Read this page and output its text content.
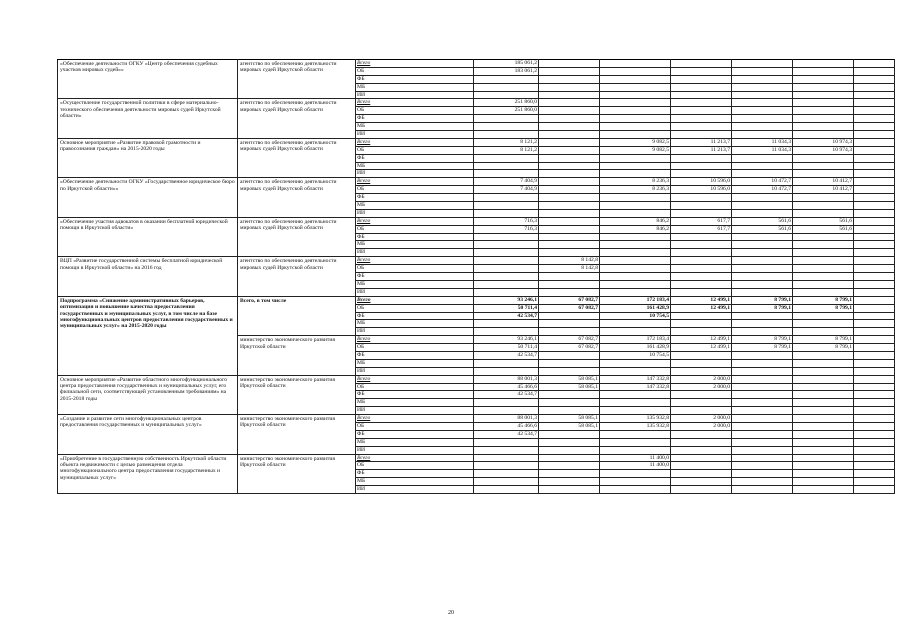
«Обеспечение деятельности ОГКУ «Центр обеспечения судебных участков мировых судей»»	агентство по обеспечению деятельности мировых судей Иркутской области	Всего	185 061,2						
		ОБ	183 061,2						
		ФБ							
		МБ							
		ИИ							
«Осуществление государственной политики в сфере материально-технического обеспечения деятельности мировых судей Иркутской области»	агентство по обеспечению деятельности мировых судей Иркутской области	Всего	251 860,0						
		ОБ	251 860,0						
		ФБ							
		МБ							
		ИИ							
Основное мероприятие «Развитие правовой грамотности и правосознания граждан» на 2015-2020 годы	агентство по обеспечению деятельности мировых судей Иркутской области	Всего	8 121,2		9 082,5	11 213,7	11 034,3	10 974,3	
		ОБ	8 121,2		9 082,5	11 213,7	11 034,3	10 974,3	
		ФБ							
		МБ							
		ИИ							
«Обеспечение деятельности ОГКУ «Государственное юридическое бюро по Иркутской области»»	агентство по обеспечению деятельности мировых судей Иркутской области	Всего	7 404,9		8 236,3	10 596,0	10 472,7	10 412,7	
		ОБ	7 404,9		8 236,3	10 596,0	10 472,7	10 412,7	
		ФБ							
		МБ							
		ИИ							
«Обеспечение участия адвокатов в оказании бесплатной юридической помощи в Иркутской области»	агентство по обеспечению деятельности мировых судей Иркутской области	Всего	716,3		846,2	617,7	561,6	561,6	
		ОБ	716,3		846,2	617,7	561,6	561,6	
		ФБ							
		МБ							
		ИИ							
ВЦП «Развитие государственной системы бесплатной юридической помощи в Иркутской области» на 2016 год	агентство по обеспечению деятельности мировых судей Иркутской области	Всего		8 142,8					
		ОБ		8 142,8					
		ФБ							
		МБ							
		ИИ							
Подпрограмма «Снижение административных барьеров, оптимизация и повышение качества предоставления государственных и муниципальных услуг, в том числе на базе многофункциональных центров предоставления государственных и муниципальных услуг» на 2015-2020 годы	Всего, в том числе	Всего	93 246,1	67 082,7	172 183,4	12 499,1	8 799,1	8 799,1	
		ОБ	50 711,4	67 082,7	161 428,9	12 499,1	8 799,1	8 799,1	
		ФБ	42 534,7		10 754,5				
		МБ							
		ИИ							
	министерство экономического развития Иркутской области	Всего	93 246,1	67 082,7	172 183,4	12 499,1	8 799,1	8 799,1	
		ОБ	50 711,4	67 082,7	161 428,9	12 499,1	8 799,1	8 799,1	
		ФБ	42 534,7		10 754,5				
		МБ							
		ИИ							
Основное мероприятие «Развитие областного многофункционального центра предоставления государственных и муниципальных услуг, его филиальной сети, соответствующей установленным требованиям» на 2015-2018 годы	министерство экономического развития Иркутской области	Всего	88 001,3	58 085,1	147 332,8	2 000,0			
		ОБ	45 466,6	58 085,1	147 332,8	2 000,0			
		ФБ	42 534,7						
		МБ							
		ИИ							
«Создание и развитие сети многофункциональных центров предоставления государственных и муниципальных услуг»	министерство экономического развития Иркутской области	Всего	88 001,3	58 085,1	135 932,8	2 000,0			
		ОБ	45 466,6	58 085,1	135 932,8	2 000,0			
		ФБ	42 534,7						
		МБ							
		ИИ							
«Приобретение в государственную собственность Иркутской области объекта недвижимости с целью размещения отдела многофункционального центра предоставления государственных и муниципальных услуг»	министерство экономического развития Иркутской области	Всего			11 400,0				
		ОБ			11 400,0				
		ФБ							
		МБ							
		ИИ							
20
